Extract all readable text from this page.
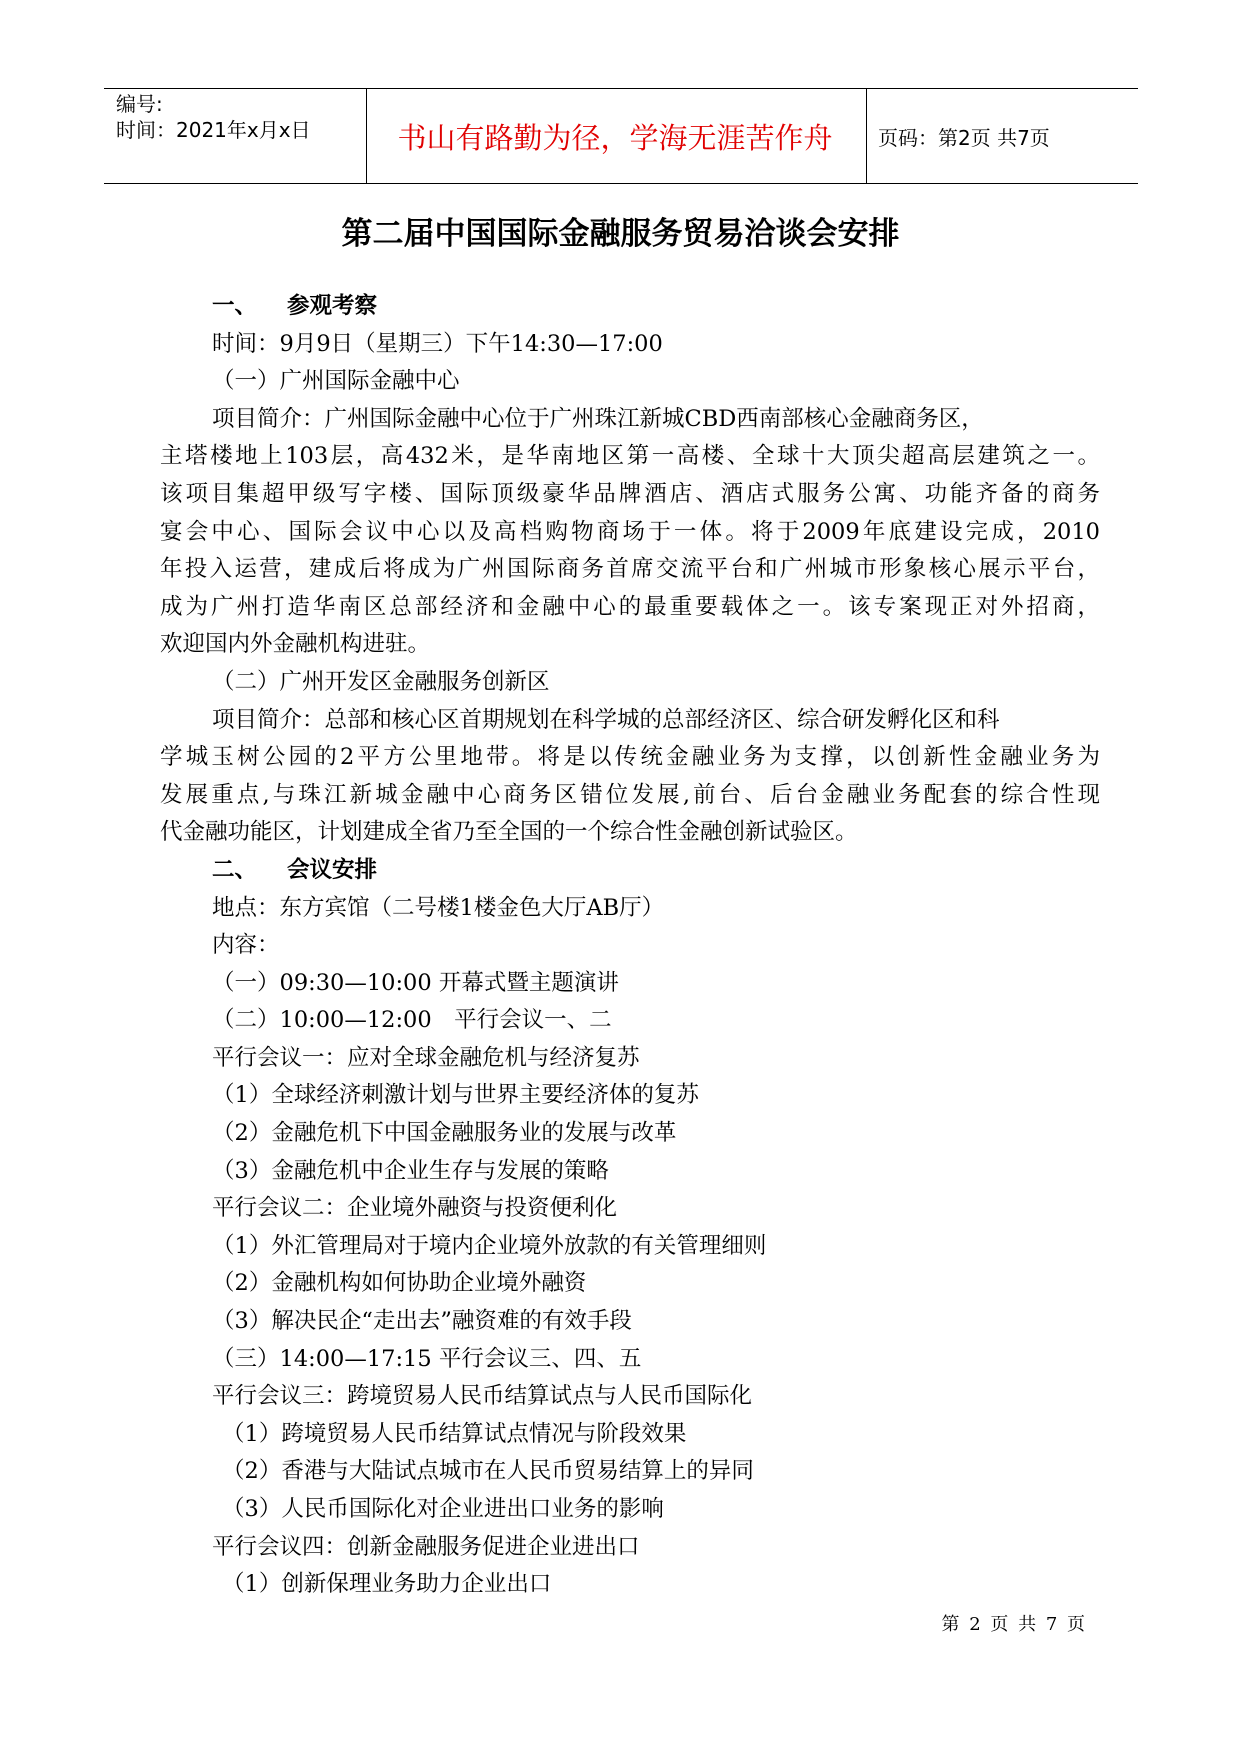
编号:
时间：2021年x月x日	书山有路勤为径，学海无涯苦作舟	页码：第2页 共7页
第二届中国国际金融服务贸易洽谈会安排

一、 参观考察

时间：9月9日（星期三）下午14:30—17:00

（一）广州国际金融中心

项目简介：广州国际金融中心位于广州珠江新城CBD西南部核心金融商务区，

主塔楼地上103层，高432米，是华南地区第一高楼、全球十大顶尖超高层建筑之一。

该项目集超甲级写字楼、国际顶级豪华品牌酒店、酒店式服务公寓、功能齐备的商务

宴会中心、国际会议中心以及高档购物商场于一体。将于2009年底建设完成，2010

年投入运营，建成后将成为广州国际商务首席交流平台和广州城市形象核心展示平台，

成为广州打造华南区总部经济和金融中心的最重要载体之一。该专案现正对外招商，

欢迎国内外金融机构进驻。

（二）广州开发区金融服务创新区

项目简介：总部和核心区首期规划在科学城的总部经济区、综合研发孵化区和科

学城玉树公园的2平方公里地带。将是以传统金融业务为支撑，以创新性金融业务为

发展重点,与珠江新城金融中心商务区错位发展,前台、后台金融业务配套的综合性现

代金融功能区，计划建成全省乃至全国的一个综合性金融创新试验区。

二、 会议安排

地点：东方宾馆（二号楼1楼金色大厅AB厅）

内容：

（一）09:30—10:00 开幕式暨主题演讲

（二）10:00—12:00　平行会议一、二

平行会议一：应对全球金融危机与经济复苏

（1）全球经济刺激计划与世界主要经济体的复苏

（2）金融危机下中国金融服务业的发展与改革

（3）金融危机中企业生存与发展的策略

平行会议二：企业境外融资与投资便利化

（1）外汇管理局对于境内企业境外放款的有关管理细则

（2）金融机构如何协助企业境外融资

（3）解决民企“走出去”融资难的有效手段

（三）14:00—17:15 平行会议三、四、五

平行会议三：跨境贸易人民币结算试点与人民币国际化

（1）跨境贸易人民币结算试点情况与阶段效果

（2）香港与大陆试点城市在人民币贸易结算上的异同

（3）人民币国际化对企业进出口业务的影响

平行会议四：创新金融服务促进企业进出口

（1）创新保理业务助力企业出口

第 2 页 共 7 页
